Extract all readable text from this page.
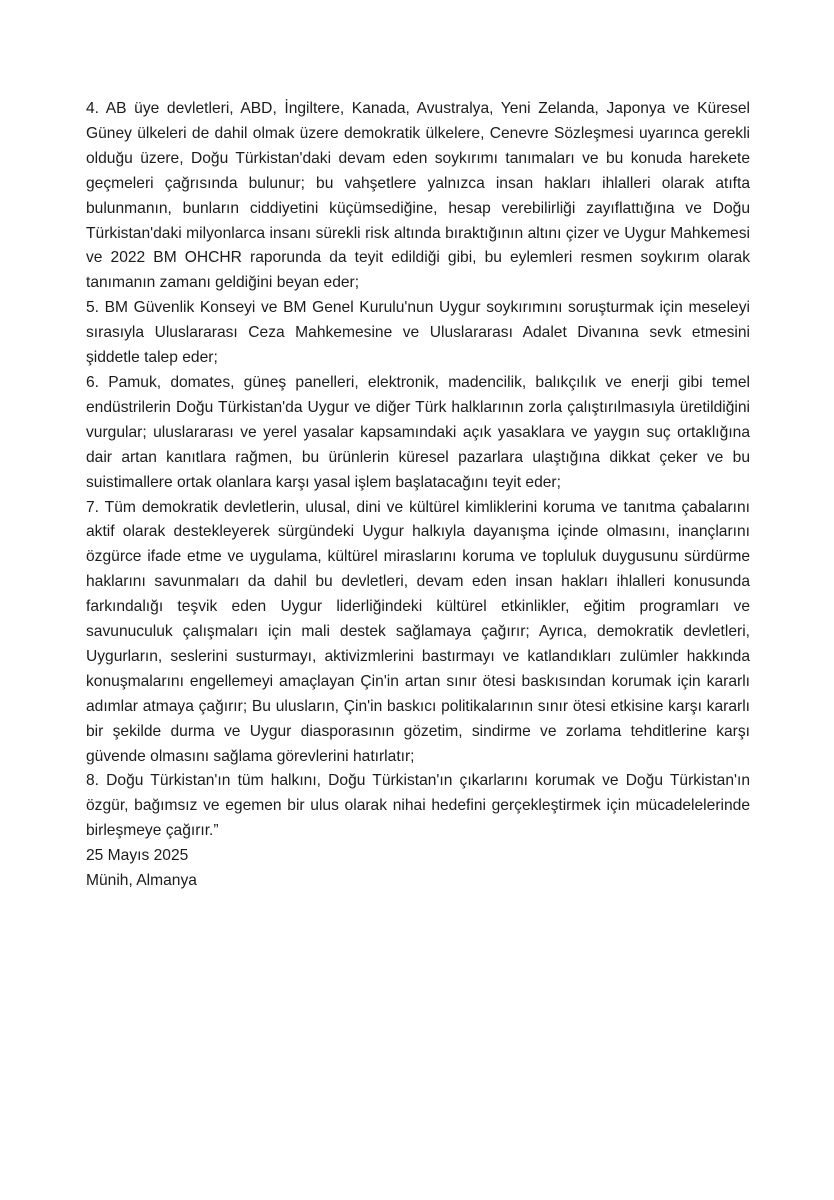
4. AB üye devletleri, ABD, İngiltere, Kanada, Avustralya, Yeni Zelanda, Japonya ve Küresel Güney ülkeleri de dahil olmak üzere demokratik ülkelere, Cenevre Sözleşmesi uyarınca gerekli olduğu üzere, Doğu Türkistan'daki devam eden soykırımı tanımaları ve bu konuda harekete geçmeleri çağrısında bulunur; bu vahşetlere yalnızca insan hakları ihlalleri olarak atıfta bulunmanın, bunların ciddiyetini küçümsediğine, hesap verebilirliği zayıflattığına ve Doğu Türkistan'daki milyonlarca insanı sürekli risk altında bıraktığının altını çizer ve Uygur Mahkemesi ve 2022 BM OHCHR raporunda da teyit edildiği gibi, bu eylemleri resmen soykırım olarak tanımanın zamanı geldiğini beyan eder;

5. BM Güvenlik Konseyi ve BM Genel Kurulu'nun Uygur soykırımını soruşturmak için meseleyi sırasıyla Uluslararası Ceza Mahkemesine ve Uluslararası Adalet Divanına sevk etmesini şiddetle talep eder;

6. Pamuk, domates, güneş panelleri, elektronik, madencilik, balıkçılık ve enerji gibi temel endüstrilerin Doğu Türkistan'da Uygur ve diğer Türk halklarının zorla çalıştırılmasıyla üretildiğini vurgular; uluslararası ve yerel yasalar kapsamındaki açık yasaklara ve yaygın suç ortaklığına dair artan kanıtlara rağmen, bu ürünlerin küresel pazarlara ulaştığına dikkat çeker ve bu suistimallere ortak olanlara karşı yasal işlem başlatacağını teyit eder;

7. Tüm demokratik devletlerin, ulusal, dini ve kültürel kimliklerini koruma ve tanıtma çabalarını aktif olarak destekleyerek sürgündeki Uygur halkıyla dayanışma içinde olmasını, inançlarını özgürce ifade etme ve uygulama, kültürel miraslarını koruma ve topluluk duygusunu sürdürme haklarını savunmaları da dahil bu devletleri, devam eden insan hakları ihlalleri konusunda farkındalığı teşvik eden Uygur liderliğindeki kültürel etkinlikler, eğitim programları ve savunuculuk çalışmaları için mali destek sağlamaya çağırır; Ayrıca, demokratik devletleri, Uygurların, seslerini susturmayı, aktivizmlerini bastırmayı ve katlandıkları zulümler hakkında konuşmalarını engellemeyi amaçlayan Çin'in artan sınır ötesi baskısından korumak için kararlı adımlar atmaya çağırır; Bu ulusların, Çin'in baskıcı politikalarının sınır ötesi etkisine karşı kararlı bir şekilde durma ve Uygur diasporasının gözetim, sindirme ve zorlama tehditlerine karşı güvende olmasını sağlama görevlerini hatırlatır;

8. Doğu Türkistan'ın tüm halkını, Doğu Türkistan'ın çıkarlarını korumak ve Doğu Türkistan'ın özgür, bağımsız ve egemen bir ulus olarak nihai hedefini gerçekleştirmek için mücadelelerinde birleşmeye çağırır.”

25 Mayıs 2025

Münih, Almanya
